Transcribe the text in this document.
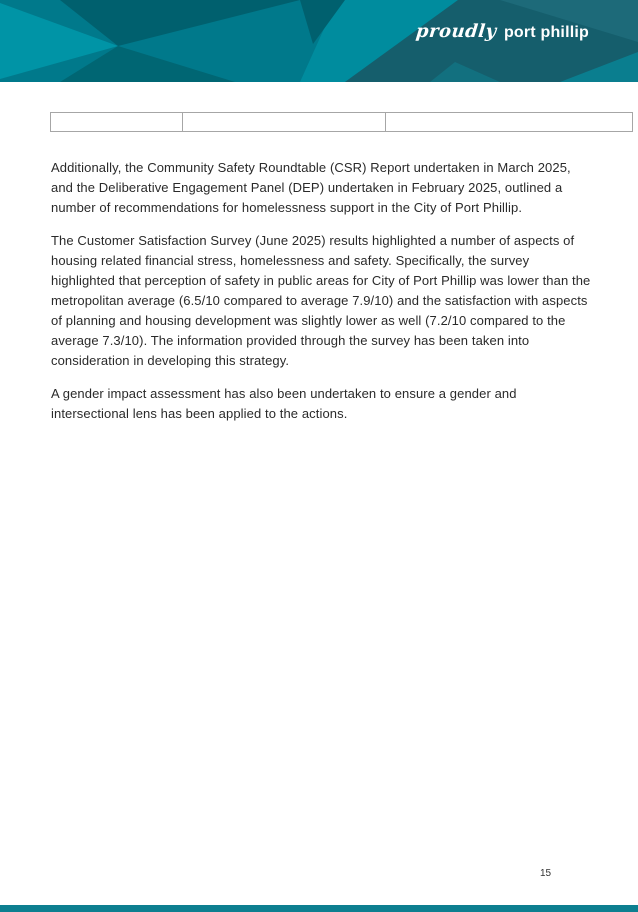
proudly port phillip

Additionally, the Community Safety Roundtable (CSR) Report undertaken in March 2025, and the Deliberative Engagement Panel (DEP) undertaken in February 2025, outlined a number of recommendations for homelessness support in the City of Port Phillip.

The Customer Satisfaction Survey (June 2025) results highlighted a number of aspects of housing related financial stress, homelessness and safety. Specifically, the survey highlighted that perception of safety in public areas for City of Port Phillip was lower than the metropolitan average (6.5/10 compared to average 7.9/10) and the satisfaction with aspects of planning and housing development was slightly lower as well (7.2/10 compared to the average 7.3/10). The information provided through the survey has been taken into consideration in developing this strategy.

A gender impact assessment has also been undertaken to ensure a gender and intersectional lens has been applied to the actions.

15
